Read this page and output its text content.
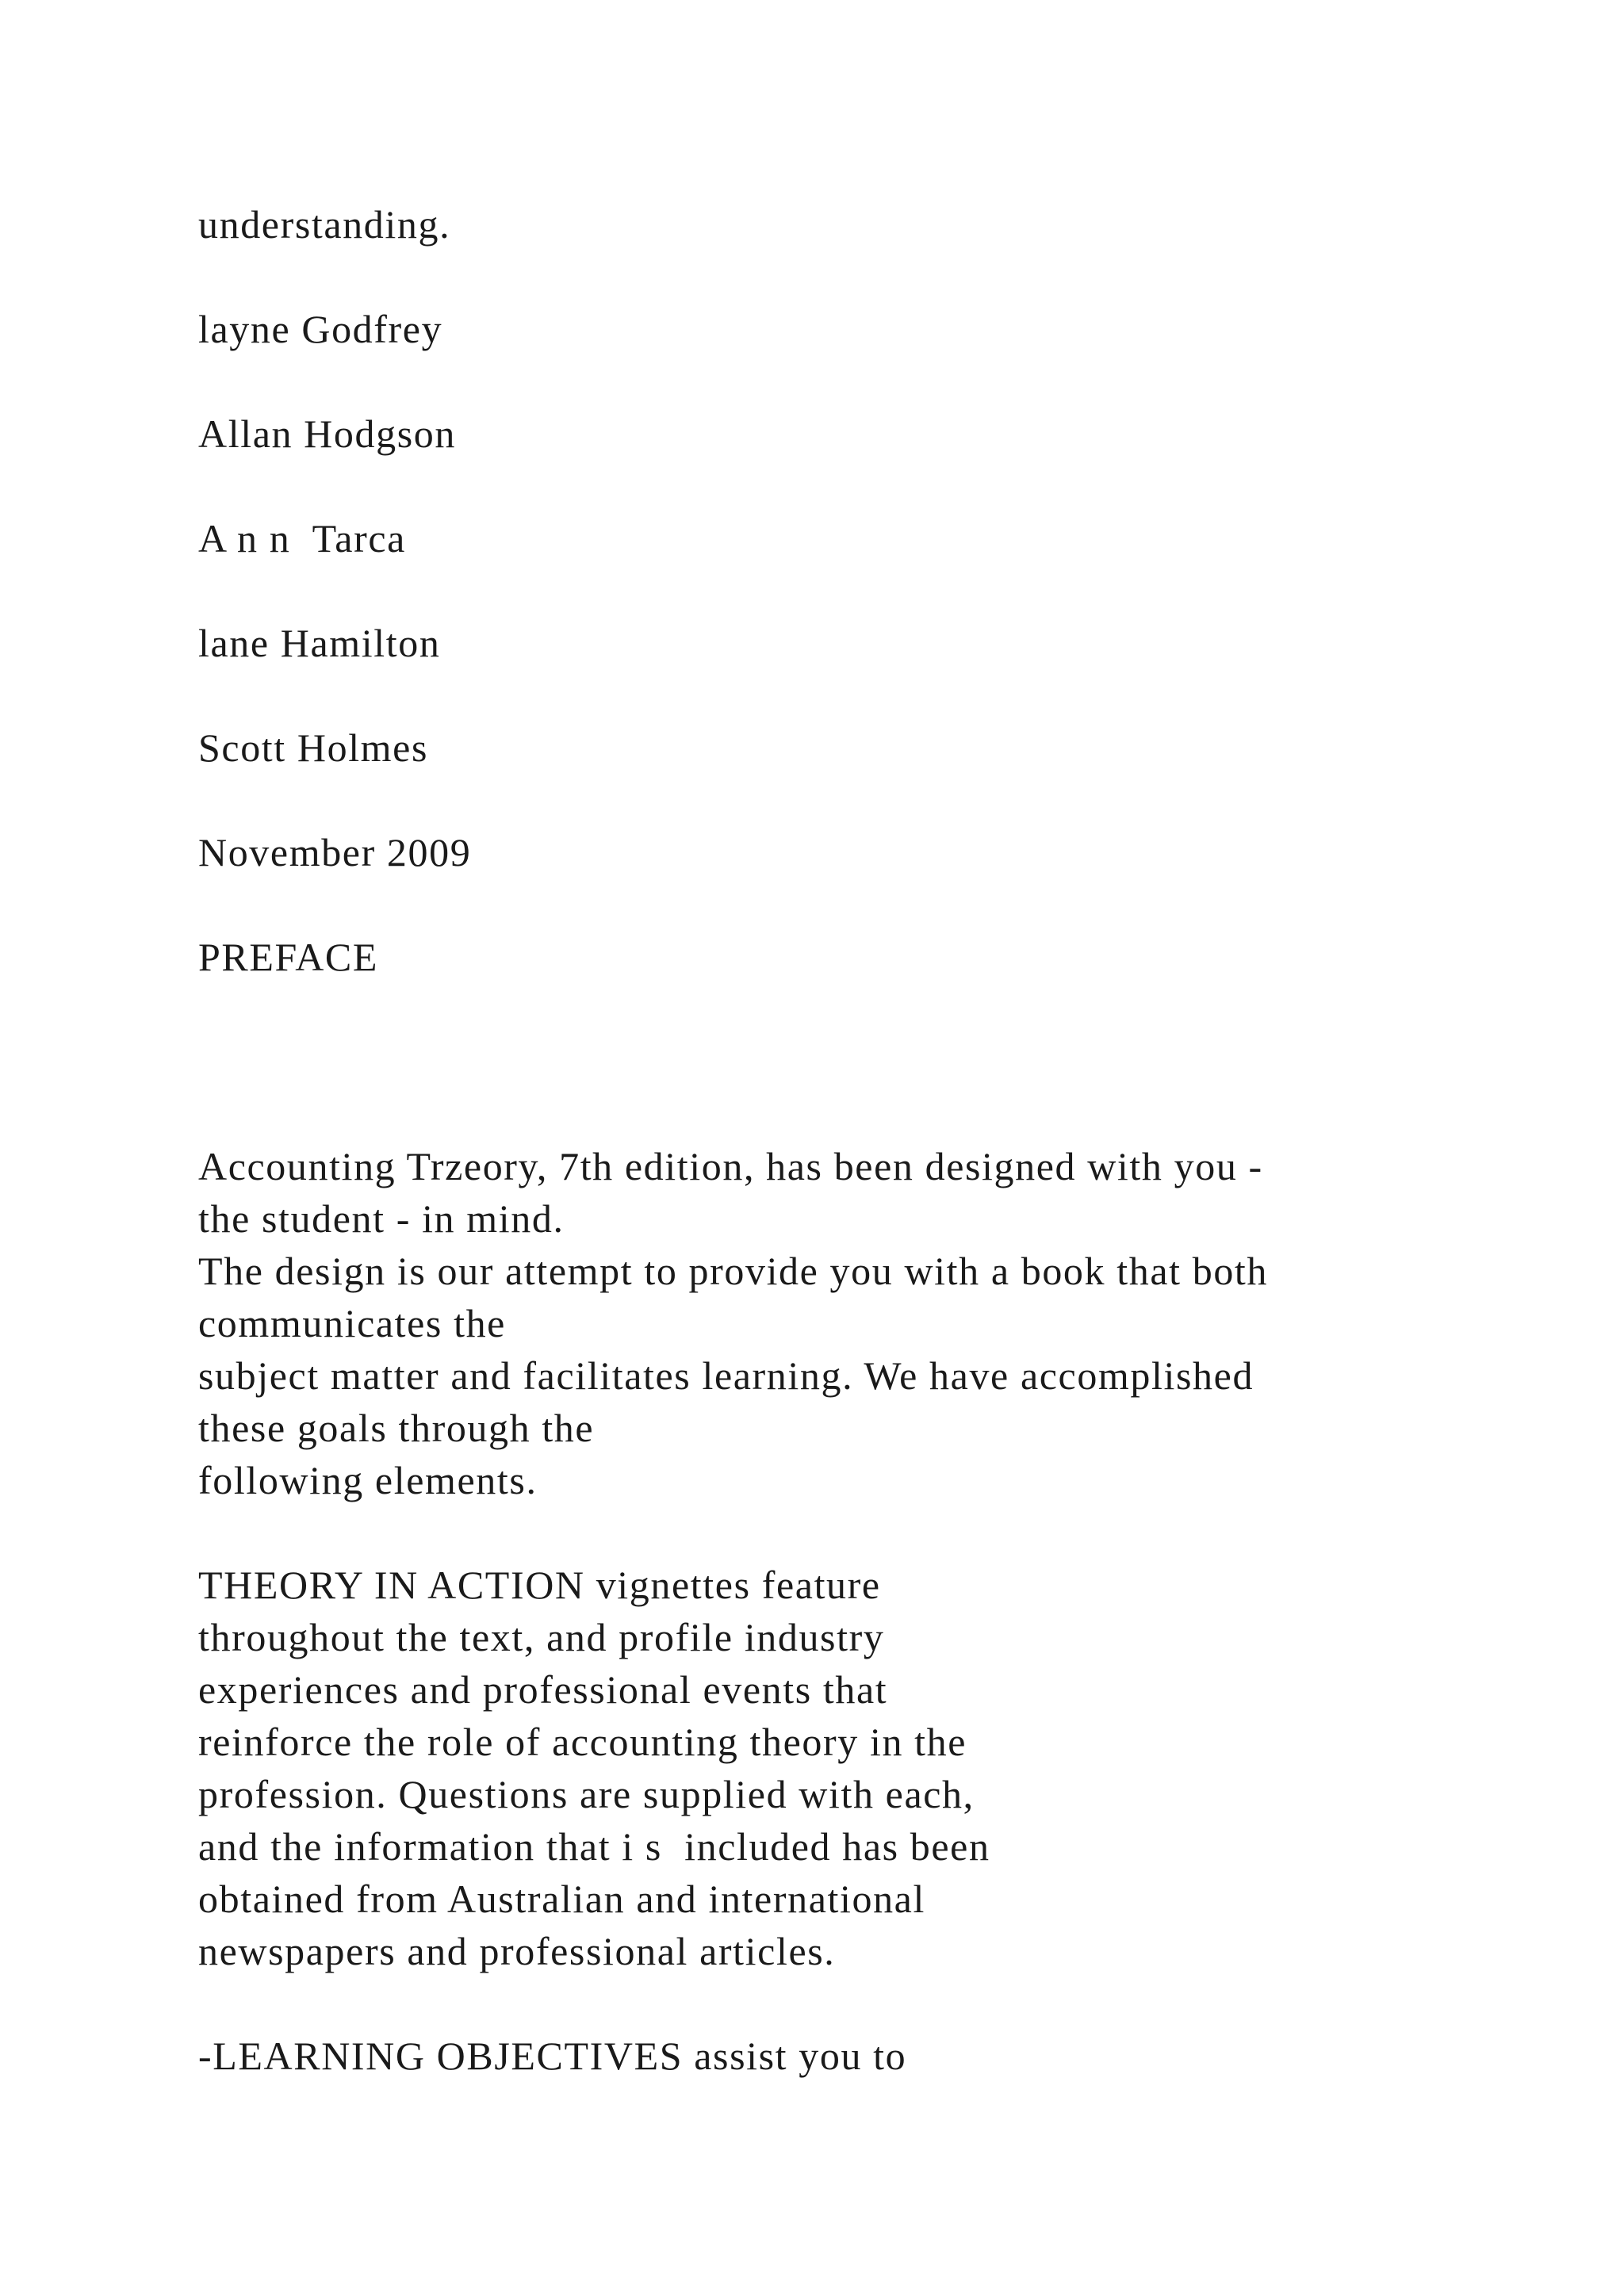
understanding.
layne Godfrey
Allan Hodgson
A n n  Tarca
lane Hamilton
Scott Holmes
November 2009
PREFACE
Accounting Trzeory, 7th edition, has been designed with you -
the student - in mind.
The design is our attempt to provide you with a book that both
communicates the
subject matter and facilitates learning. We have accomplished
these goals through the
following elements.
THEORY IN ACTION vignettes feature
throughout the text, and profile industry
experiences and professional events that
reinforce the role of accounting theory in the
profession. Questions are supplied with each,
and the information that i s  included has been
obtained from Australian and international
newspapers and professional articles.
-LEARNING OBJECTIVES assist you to
